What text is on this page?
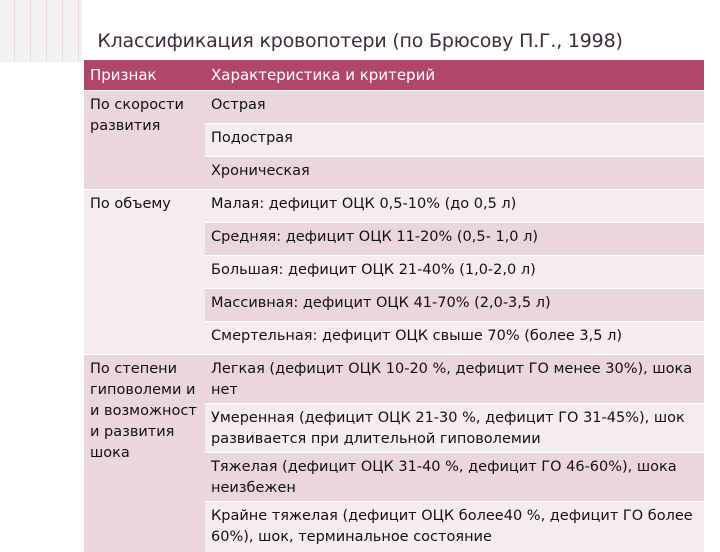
Классификация кровопотери (по Брюсову П.Г., 1998)
Признак	Характеристика и критерий
По скорости развития	Острая
	Подострая
	Хроническая
По объему	Малая: дефицит ОЦК 0,5-10% (до 0,5 л)
	Средняя: дефицит ОЦК 11-20% (0,5- 1,0 л)
	Большая: дефицит ОЦК 21-40% (1,0-2,0 л)
	Массивная: дефицит ОЦК 41-70% (2,0-3,5 л)
	Смертельная: дефицит ОЦК свыше 70% (более 3,5 л)
По степени гиповолеми и и возможност и развития шока	Легкая (дефицит ОЦК 10-20 %, дефицит ГО менее 30%), шока нет
	Умеренная (дефицит ОЦК 21-30 %, дефицит ГО 31-45%), шок развивается при длительной гиповолемии
	Тяжелая (дефицит ОЦК 31-40 %, дефицит ГО 46-60%), шока неизбежен
	Крайне тяжелая (дефицит ОЦК более40 %, дефицит ГО более 60%), шок, терминальное состояние
